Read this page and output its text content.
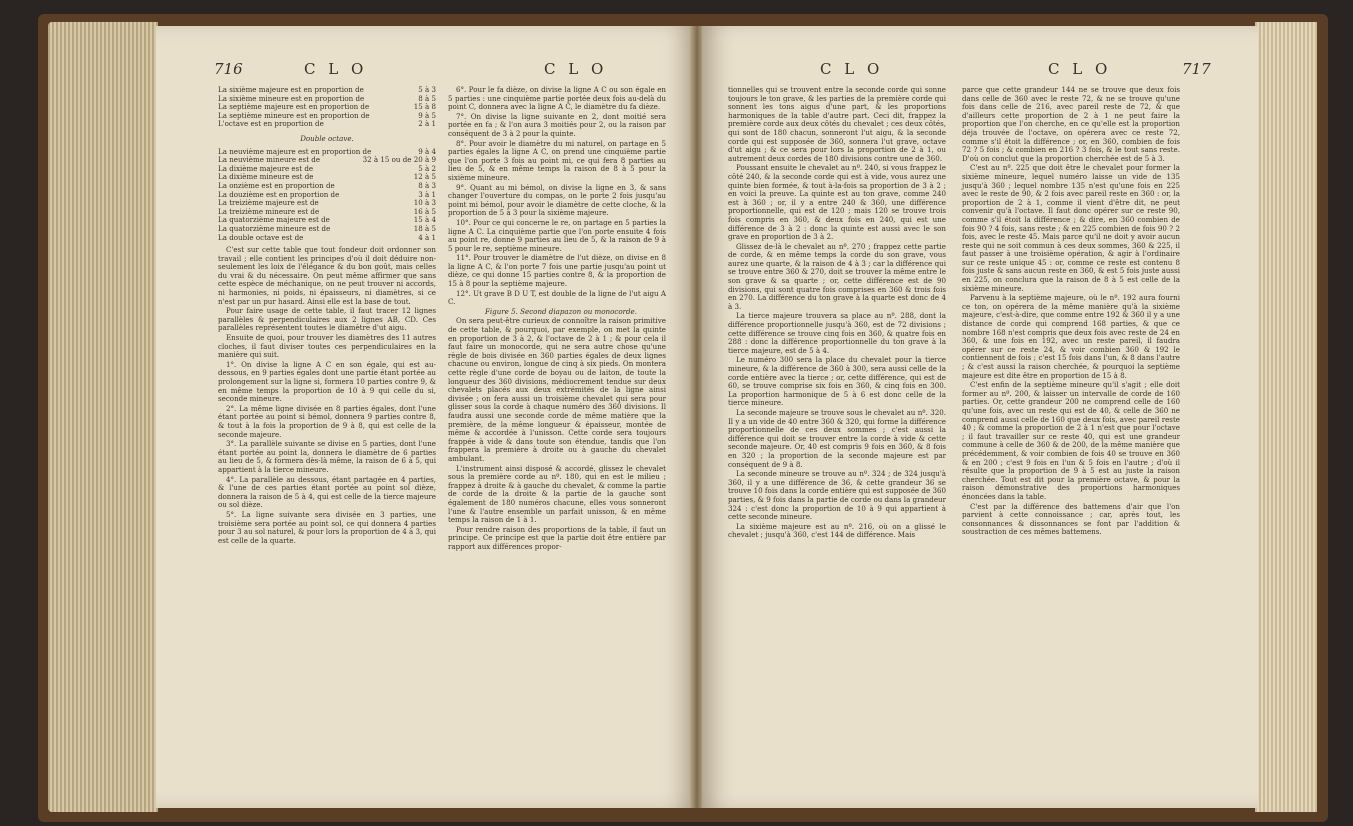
716	C L O	C L O
La sixième majeure est en proportion de	5 à 3
La sixième mineure est en proportion de	8 à 5
La septième majeure est en proportion de	15 à 8
La septième mineure est en proportion de	9 à 5
L'octave est en proportion de	2 à 1
Double octave.
La neuvième majeure est en proportion de	9 à 4
La neuvième mineure est de	32 à 15 ou de 20 à 9
La dixième majeure est de	5 à 2
La dixième mineure est de	12 à 5
La onzième est en proportion de	8 à 3
La douzième est en proportion de	3 à 1
La treizième majeure est de	10 à 3
La treizième mineure est de	16 à 5
La quatorzième majeure est de	15 à 4
La quatorzième mineure est de	18 à 5
La double octave est de	4 à 1

C'est sur cette table que tout fondeur doit ordonner son travail ; elle contient les principes d'où il doit déduire non-seulement les loix de l'élégance & du bon goût, mais celles du vrai & du nécessaire. On peut même affirmer que sans cette espèce de méchanique, on ne peut trouver ni accords, ni harmonies, ni poids, ni épaisseurs, ni diamètres, si ce n'est par un pur hasard. Ainsi elle est la base de tout.

Pour faire usage de cette table, il faut tracer 12 lignes parallèles & perpendiculaires aux 2 lignes AB, CD. Ces parallèles représentent toutes le diamètre d'ut aigu.

Ensuite de quoi, pour trouver les diamètres des 11 autres cloches, il faut diviser toutes ces perpendiculaires en la manière qui suit.

1°. On divise la ligne A C en son égale, qui est au-dessous, en 9 parties égales dont une partie étant portée au prolongement sur la ligne si, formera 10 parties contre 9, & en même temps la proportion de 10 à 9 qui celle du si, seconde mineure.

2°. La même ligne divisée en 8 parties égales, dont l'une étant portée au point si bémol, donnera 9 parties contre 8, & tout à la fois la proportion de 9 à 8, qui est celle de la seconde majeure.

3°. La parallèle suivante se divise en 5 parties, dont l'une étant portée au point la, donnera le diamètre de 6 parties au lieu de 5, & formera dès-là même, la raison de 6 à 5, qui appartient à la tierce mineure.

4°. La parallèle au dessous, étant partagée en 4 parties, & l'une de ces parties étant portée au point sol dièze, donnera la raison de 5 à 4, qui est celle de la tierce majeure ou sol dièze.

5°. La ligne suivante sera divisée en 3 parties, une troisième sera portée au point sol, ce qui donnera 4 parties pour 3 au sol naturel, & pour lors la proportion de 4 à 3, qui est celle de la quarte.

6°. Pour le fa dièze, on divise la ligne A C ou son égale en 5 parties : une cinquième partie portée deux fois au-delà du point C, donnera avec la ligne A C, le diamètre du fa dièze.

7°. On divise la ligne suivante en 2, dont moitié sera portée en fa ; & l'on aura 3 moitiés pour 2, ou la raison par conséquent de 3 à 2 pour la quinte.

8°. Pour avoir le diamètre du mi naturel, on partage en 5 parties égales la ligne A C, on prend une cinquième partie que l'on porte 3 fois au point mi, ce qui fera 8 parties au lieu de 5, & en même temps la raison de 8 à 5 pour la sixième mineure.

9°. Quant au mi bémol, on divise la ligne en 3, & sans changer l'ouverture du compas, on le porte 2 fois jusqu'au point mi bémol, pour avoir le diamètre de cette cloche, & la proportion de 5 à 3 pour la sixième majeure.

10°. Pour ce qui concerne le re, on partage en 5 parties la ligne A C. La cinquième partie que l'on porte ensuite 4 fois au point re, donne 9 parties au lieu de 5, & la raison de 9 à 5 pour le re, septième mineure.

11°. Pour trouver le diamètre de l'ut dièze, on divise en 8 la ligne A C, & l'on porte 7 fois une partie jusqu'au point ut dièze, ce qui donne 15 parties contre 8, & la proportion de 15 à 8 pour la septième majeure.

12°. Ut grave B D U T, est double de la ligne de l'ut aigu A C.

Figure 5. Second diapazon ou monocorde.

On sera peut-être curieux de connoître la raison primitive de cette table, & pourquoi, par exemple, on met la quinte en proportion de 3 à 2, & l'octave de 2 à 1 ; & pour cela il faut faire un monocorde, qui ne sera autre chose qu'une règle de bois divisée en 360 parties égales de deux lignes chacune ou environ, longue de cinq à six pieds. On montera cette règle d'une corde de boyau ou de laiton, de toute la longueur des 360 divisions, médiocrement tendue sur deux chevalets placés aux deux extrémités de la ligne ainsi divisée ; on fera aussi un troisième chevalet qui sera pour glisser sous la corde à chaque numéro des 360 divisions. Il faudra aussi une seconde corde de même matière que la première, de la même longueur & épaisseur, montée de même & accordée à l'unisson. Cette corde sera toujours frappée à vide & dans toute son étendue, tandis que l'on frappera la première à droite ou à gauche du chevalet ambulant.

L'instrument ainsi disposé & accordé, glissez le chevalet sous la première corde au nº. 180, qui en est le milieu ; frappez à droite & à gauche du chevalet, & comme la partie de corde de la droite & la partie de la gauche sont également de 180 numéros chacune, elles vous sonneront l'une & l'autre ensemble un parfait unisson, & en même temps la raison de 1 à 1.

Pour rendre raison des proportions de la table, il faut un principe. Ce principe est que la partie doit être entière par rapport aux différences propor-

C L O	C L O	717

tionnelles qui se trouvent entre la seconde corde qui sonne toujours le ton grave, & les parties de la première corde qui sonnent les tons aigus d'une part, & les proportions harmoniques de la table d'autre part. Ceci dit, frappez la première corde aux deux côtés du chevalet ; ces deux côtés, qui sont de 180 chacun, sonneront l'ut aigu, & la seconde corde qui est supposée de 360, sonnera l'ut grave, octave d'ut aigu ; & ce sera pour lors la proportion de 2 à 1, ou autrement deux cordes de 180 divisions contre une de 360.

Poussant ensuite le chevalet au nº. 240, si vous frappez le côté 240, & la seconde corde qui est à vide, vous aurez une quinte bien formée, & tout à-la-fois sa proportion de 3 à 2 ; en voici la preuve. La quinte est au ton grave, comme 240 est à 360 ; or, il y a entre 240 & 360, une différence proportionnelle, qui est de 120 ; mais 120 se trouve trois fois compris en 360, & deux fois en 240, qui est une différence de 3 à 2 : donc la quinte est aussi avec le son grave en proportion de 3 à 2.

Glissez de-là le chevalet au nº. 270 ; frappez cette partie de corde, & en même temps la corde du son grave, vous aurez une quarte, & la raison de 4 à 3 ; car la différence qui se trouve entre 360 & 270, doit se trouver la même entre le son grave & sa quarte ; or, cette différence est de 90 divisions, qui sont quatre fois comprises en 360 & trois fois en 270. La différence du ton grave à la quarte est donc de 4 à 3.

La tierce majeure trouvera sa place au nº. 288, dont la différence proportionnelle jusqu'à 360, est de 72 divisions ; cette différence se trouve cinq fois en 360, & quatre fois en 288 : donc la différence proportionnelle du ton grave à la tierce majeure, est de 5 à 4.

Le numéro 300 sera la place du chevalet pour la tierce mineure, & la différence de 360 à 300, sera aussi celle de la corde entière avec la tierce ; or, cette différence, qui est de 60, se trouve comprise six fois en 360, & cinq fois en 300. La proportion harmonique de 5 à 6 est donc celle de la tierce mineure.

La seconde majeure se trouve sous le chevalet au nº. 320. Il y a un vide de 40 entre 360 & 320, qui forme la différence proportionnelle de ces deux sommes ; c'est aussi la différence qui doit se trouver entre la corde à vide & cette seconde majeure. Or, 40 est compris 9 fois en 360, & 8 fois en 320 ; la proportion de la seconde majeure est par conséquent de 9 à 8.

La seconde mineure se trouve au nº. 324 ; de 324 jusqu'à 360, il y a une différence de 36, & cette grandeur 36 se trouve 10 fois dans la corde entière qui est supposée de 360 parties, & 9 fois dans la partie de corde ou dans la grandeur 324 : c'est donc la proportion de 10 à 9 qui appartient à cette seconde mineure.

La sixième majeure est au nº. 216, où on a glissé le chevalet ; jusqu'à 360, c'est 144 de différence. Mais

parce que cette grandeur 144 ne se trouve que deux fois dans celle de 360 avec le reste 72, & ne se trouve qu'une fois dans celle de 216, avec pareil reste de 72, & que d'ailleurs cette proportion de 2 à 1 ne peut faire la proportion que l'on cherche, en ce qu'elle est la proportion déja trouvée de l'octave, on opérera avec ce reste 72, comme s'il étoit la différence ; or, en 360, combien de fois 72 ? 5 fois ; & combien en 216 ? 3 fois, & le tout sans reste. D'où on conclut que la proportion cherchée est de 5 à 3.

C'est au nº. 225 que doit être le chevalet pour former la sixième mineure, lequel numéro laisse un vide de 135 jusqu'à 360 ; lequel nombre 135 n'est qu'une fois en 225 avec le reste de 90, & 2 fois avec pareil reste en 360 : or, la proportion de 2 à 1, comme il vient d'être dit, ne peut convenir qu'à l'octave. Il faut donc opérer sur ce reste 90, comme s'il étoit la différence ; & dire, en 360 combien de fois 90 ? 4 fois, sans reste ; & en 225 combien de fois 90 ? 2 fois, avec le reste 45. Mais parce qu'il ne doit y avoir aucun reste qui ne soit commun à ces deux sommes, 360 & 225, il faut passer à une troisième opération, & agir à l'ordinaire sur ce reste unique 45 : or, comme ce reste est contenu 8 fois juste & sans aucun reste en 360, & est 5 fois juste aussi en 225, on conclura que la raison de 8 à 5 est celle de la sixième mineure.

Parvenu à la septième majeure, où le nº. 192 aura fourni ce ton, on opérera de la même manière qu'à la sixième majeure, c'est-à-dire, que comme entre 192 & 360 il y a une distance de corde qui comprend 168 parties, & que ce nombre 168 n'est compris que deux fois avec reste de 24 en 360, & une fois en 192, avec un reste pareil, il faudra opérer sur ce reste 24, & voir combien 360 & 192 le contiennent de fois ; c'est 15 fois dans l'un, & 8 dans l'autre ; & c'est aussi la raison cherchée, & pourquoi la septième majeure est dite être en proportion de 15 à 8.

C'est enfin de la septième mineure qu'il s'agit ; elle doit former au nº. 200, & laisser un intervalle de corde de 160 parties. Or, cette grandeur 200 ne comprend celle de 160 qu'une fois, avec un reste qui est de 40, & celle de 360 ne comprend aussi celle de 160 que deux fois, avec pareil reste 40 ; & comme la proportion de 2 à 1 n'est que pour l'octave ; il faut travailler sur ce reste 40, qui est une grandeur commune à celle de 360 & de 200, de la même manière que précédemment, & voir combien de fois 40 se trouve en 360 & en 200 ; c'est 9 fois en l'un & 5 fois en l'autre ; d'où il résulte que la proportion de 9 à 5 est au juste la raison cherchée. Tout est dit pour la première octave, & pour la raison démonstrative des proportions harmoniques énoncées dans la table.

C'est par la différence des battemens d'air que l'on parvient à cette connoissance ; car, après tout, les consonnances & dissonnances se font par l'addition & soustraction de ces mêmes battemens.
